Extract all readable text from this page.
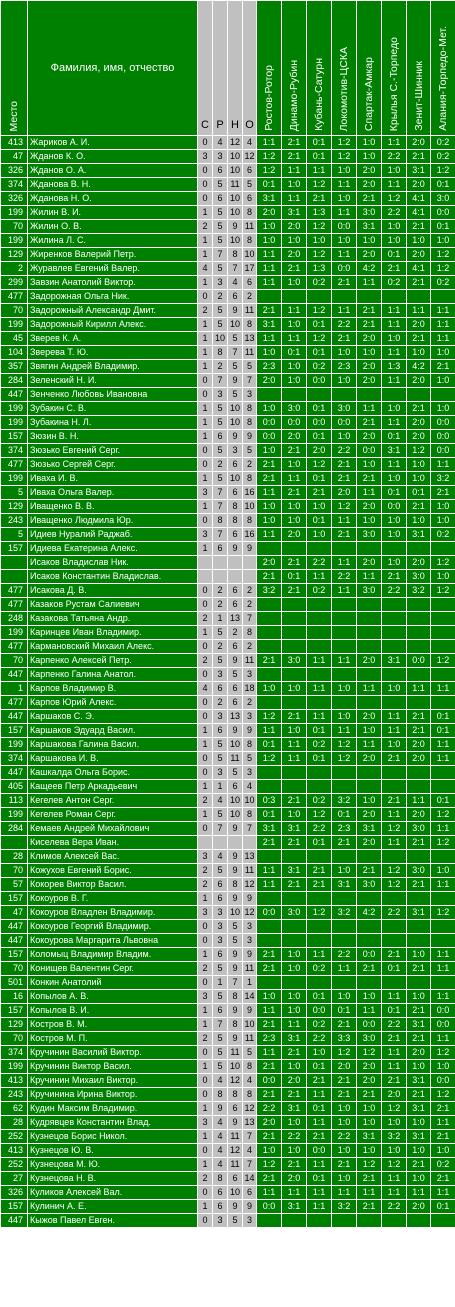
Место	Фамилия, имя, отчество	С	Р	Н	О	Ростов-Ротор	Динамо-Рубин	Кубань-Сатурн	Локомотив-ЦСКА	Спартак-Амкар	Крылья С.-Торпедо	Зенит-Шинник	Алания-Торпедо-Мет.

413	Жариков А. И.	0	4	12	4	1:1	2:1	0:1	1:2	1:0	1:1	2:0	0:2
47	Жданов К. О.	3	3	10	12	1:2	2:1	0:1	1:2	1:0	2:2	2:1	0:2
326	Жданов О. А.	0	6	10	6	1:2	1:1	1:1	1:0	2:0	1:0	3:1	1:2
374	Жданова В. Н.	0	5	11	5	0:1	1:0	1:2	1:1	2:0	1:1	2:0	0:1
326	Жданова Н. О.	0	6	10	6	3:1	1:1	2:1	1:0	2:1	1:2	4:1	3:0
199	Жилин В. И.	1	5	10	8	2:0	3:1	1:3	1:1	3:0	2:2	4:1	0:0
70	Жилин О. В.	2	5	9	11	1:0	2:0	1:2	0:0	3:1	1:0	2:1	0:1
199	Жилина Л. С.	1	5	10	8	1:0	1:0	1:0	1:0	1:0	1:0	1:0	1:0
129	Жиренков Валерий Петр.	1	7	8	10	1:1	2:0	1:2	1:1	2:0	0:1	2:0	1:2
2	Журавлев Евгений Валер.	4	5	7	17	1:1	2:1	1:3	0:0	4:2	2:1	4:1	1:2
299	Завзин Анатолий Виктор.	1	3	4	6	1:1	1:0	0:2	2:1	1:1	0:2	2:1	0:2
477	Задорожная Ольга Ник.	0	2	6	2								
70	Задорожный Александр Дмит.	2	5	9	11	2:1	1:1	1:2	1:1	2:1	1:1	1:1	1:1
199	Задорожный Кирилл Алекс.	1	5	10	8	3:1	1:0	0:1	2:2	2:1	1:1	2:0	1:1
45	Зверев К. А.	1	10	5	13	1:1	1:1	1:2	2:1	2:0	1:0	2:1	1:1
104	Зверева Т. Ю.	1	8	7	11	1:0	0:1	0:1	1:0	1:0	1:1	1:0	1:0
357	Звягин Андрей Владимир.	1	2	5	5	2:3	1:0	0:2	2:3	2:0	1:3	4:2	2:1
284	Зеленский Н. И.	0	7	9	7	2:0	1:0	0:0	1:0	2:0	1:1	2:0	1:0
447	Зенченко Любовь Ивановна	0	3	5	3								
199	Зубакин С. В.	1	5	10	8	1:0	3:0	0:1	3:0	1:1	1:0	2:1	1:0
199	Зубакина Н. Л.	1	5	10	8	0:0	0:0	0:0	0:0	2:1	1:1	2:0	0:0
157	Зюзин В. Н.	1	6	9	9	0:0	2:0	0:1	1:0	2:0	0:1	2:0	0:0
374	Зюзько Евгений Серг.	0	5	3	5	1:0	2:1	2:0	2:2	0:0	3:1	1:2	0:0
477	Зюзько Сергей Серг.	0	2	6	2	2:1	1:0	1:2	2:1	1:0	1:1	1:0	1:1
199	Иваха И. В.	1	5	10	8	2:1	1:1	0:1	2:1	2:1	1:0	1:0	3:2
5	Иваха Ольга Валер.	3	7	6	16	1:1	2:1	2:1	2:0	1:1	0:1	0:1	2:1
129	Иващенко В. В.	1	7	8	10	1:0	1:0	1:0	1:2	2:0	0:0	2:1	1:0
243	Иващенко Людмила Юр.	0	8	8	8	1:0	1:0	0:1	1:1	1:0	1:0	1:0	1:0
5	Идиев Нуралий Раджаб.	3	7	6	16	1:1	2:0	1:0	2:1	3:0	1:0	3:1	0:2
157	Идиева Екатерина Алекс.	1	6	9	9								
	Исаков Владислав Ник.					2:0	2:1	2:2	1:1	2:0	1:0	2:0	1:2
	Исаков Константин Владислав.					2:1	0:1	1:1	2:2	1:1	2:1	3:0	1:0
477	Исакова Д. В.	0	2	6	2	3:2	2:1	0:2	1:1	3:0	2:2	3:2	1:2
477	Казаков Рустам Салиевич	0	2	6	2								
248	Казакова Татьяна Андр.	2	1	13	7								
199	Каринцев Иван Владимир.	1	5	2	8								
477	Кармановский Михаил Алекс.	0	2	6	2								
70	Карпенко Алексей Петр.	2	5	9	11	2:1	3:0	1:1	1:1	2:0	3:1	0:0	1:2
447	Карпенко Галина Анатол.	0	3	5	3								
1	Карпов Владимир В.	4	6	6	18	1:0	1:0	1:1	1:0	1:1	1:0	1:1	1:1
477	Карпов Юрий Алекс.	0	2	6	2								
447	Каршаков С. Э.	0	3	13	3	1:2	2:1	1:1	1:0	2:0	1:1	2:1	0:1
157	Каршаков Эдуард Васил.	1	6	9	9	1:1	1:0	0:1	1:1	1:0	1:1	2:1	0:1
199	Каршакова Галина Васил.	1	5	10	8	0:1	1:1	0:2	1:2	1:1	1:0	2:0	1:1
374	Каршакова И. В.	0	5	11	5	1:2	1:1	0:1	1:2	2:0	2:1	2:0	1:1
447	Кашкалда Ольга Борис.	0	3	5	3								
405	Кащеев Петр Аркадьевич	1	1	6	4								
113	Кегелев Антон Серг.	2	4	10	10	0:3	2:1	0:2	3:2	1:0	2:1	1:1	0:1
199	Кегелев Роман Серг.	1	5	10	8	0:1	1:0	1:2	0:1	2:0	1:1	2:0	1:2
284	Кемаев Андрей Михайлович	0	7	9	7	3:1	3:1	2:2	2:3	3:1	1:2	3:0	1:1
	Киселева Вера Иван.					2:1	2:1	0:1	2:1	2:0	1:1	2:1	1:2
28	Климов Алексей Вас.	3	4	9	13								
70	Кожухов Евгений Борис.	2	5	9	11	1:1	3:1	2:1	1:0	2:1	1:2	3:0	1:0
57	Кокорев Виктор Васил.	2	6	8	12	1:1	2:1	2:1	3:1	3:0	1:2	2:1	1:1
157	Кокоуров В. Г.	1	6	9	9								
47	Кокоуров Владлен Владимир.	3	3	10	12	0:0	3:0	1:2	3:2	4:2	2:2	3:1	1:2
447	Кокоуров Георгий Владимир.	0	3	5	3								
447	Кокоурова Маргарита Львовна	0	3	5	3								
157	Коломыц Владимир Владим.	1	6	9	9	2:1	1:0	1:1	2:2	0:0	2:1	1:0	1:1
70	Конищев Валентин Серг.	2	5	9	11	2:1	1:0	0:2	1:1	2:1	0:1	2:1	1:1
501	Конкин Анатолий	0	1	7	1								
16	Копылов А. В.	3	5	8	14	1:0	1:0	0:1	1:0	1:0	1:1	1:0	1:1
157	Копылов В. И.	1	6	9	9	1:1	1:0	0:0	0:1	1:1	0:1	2:1	0:0
129	Костров В. М.	1	7	8	10	2:1	1:1	0:2	2:1	0:0	2:2	3:1	0:0
70	Костров М. П.	2	5	9	11	2:3	3:1	2:2	3:3	3:0	2:1	2:1	1:1
374	Кручинин Василий Виктор.	0	5	11	5	1:1	2:1	1:0	1:2	1:2	1:1	2:0	1:2
199	Кручинин Виктор Васил.	1	5	10	8	2:1	1:0	0:1	2:0	2:0	1:1	1:0	1:0
413	Кручинин Михаил Виктор.	0	4	12	4	0:0	2:0	2:1	2:1	2:0	2:1	3:1	0:0
243	Кручинина Ирина Виктор.	0	8	8	8	2:1	2:1	1:1	2:1	2:1	2:0	2:1	1:2
62	Кудин Максим Владимир.	1	9	6	12	2:2	3:1	0:1	1:0	1:0	1:2	3:1	2:1
28	Кудрявцев Константин Влад.	3	4	9	13	2:0	1:0	1:1	1:0	1:0	1:0	1:0	1:1
252	Кузнецов Борис Никол.	1	4	11	7	2:1	2:2	2:1	2:2	3:1	3:2	3:1	2:1
413	Кузнецов Ю. В.	0	4	12	4	1:0	1:0	0:0	1:0	1:0	1:0	1:0	1:0
252	Кузнецова М. Ю.	1	4	11	7	1:2	2:1	1:1	2:1	1:2	1:2	2:1	0:2
27	Кузнецова Н. В.	2	8	6	14	2:1	2:0	0:1	1:0	2:1	1:1	1:0	2:1
326	Куликов Алексей Вал.	0	6	10	6	1:1	1:1	1:1	1:1	1:1	1:1	1:1	1:1
157	Кулинич А. Е.	1	6	9	9	0:0	3:1	1:1	3:2	2:1	2:2	2:0	0:1
447	Кыжов Павел Евген.	0	3	5	3								
